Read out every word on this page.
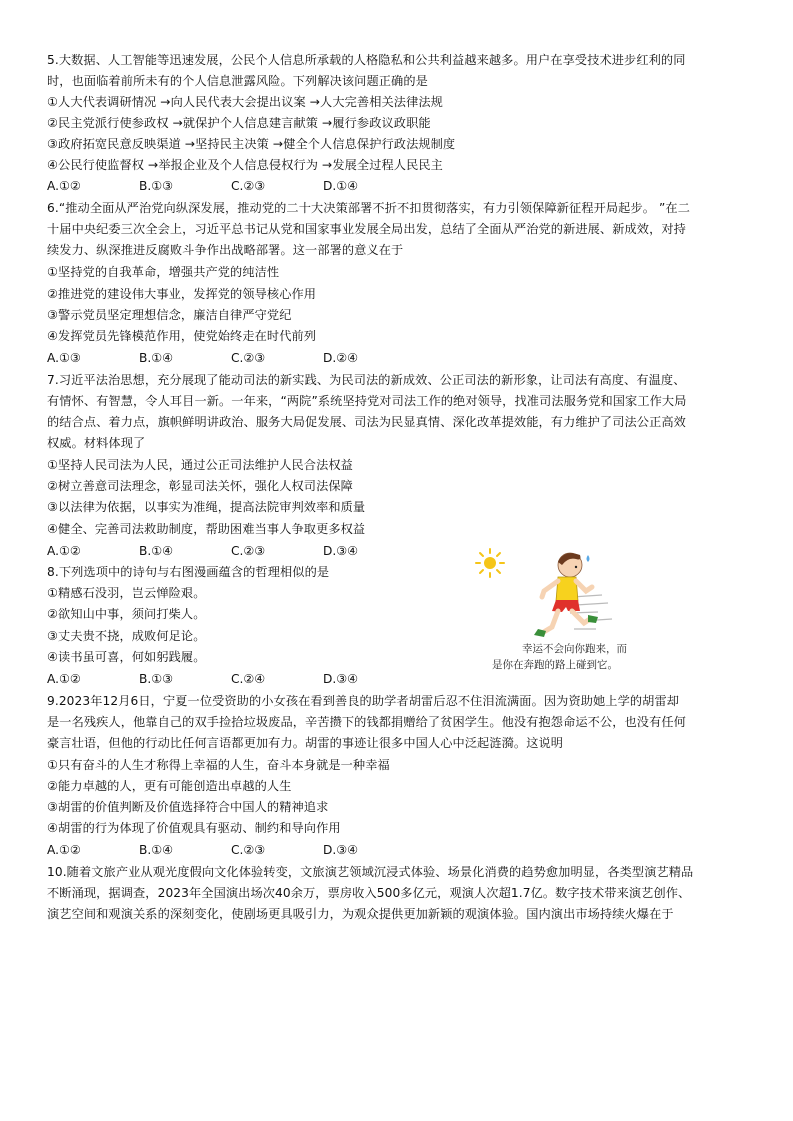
5.大数据、人工智能等迅速发展，公民个人信息所承载的人格隐私和公共利益越来越多。用户在享受技术进步红利的同
时，也面临着前所未有的个人信息泄露风险。下列解决该问题正确的是
①人大代表调研情况 →向人民代表大会提出议案 →人大完善相关法律法规
②民主党派行使参政权 →就保护个人信息建言献策 →履行参政议政职能
③政府拓宽民意反映渠道 →坚持民主决策 →健全个人信息保护行政法规制度
④公民行使监督权 →举报企业及个人信息侵权行为 →发展全过程人民民主
A.①②	B.①③	C.②③	D.①④
6.“推动全面从严治党向纵深发展，推动党的二十大决策部署不折不扣贯彻落实，有力引领保障新征程开局起步。 ”在二
十届中央纪委三次全会上，习近平总书记从党和国家事业发展全局出发，总结了全面从严治党的新进展、新成效，对持
续发力、纵深推进反腐败斗争作出战略部署。这一部署的意义在于
①坚持党的自我革命，增强共产党的纯洁性
②推进党的建设伟大事业，发挥党的领导核心作用
③警示党员坚定理想信念，廉洁自律严守党纪
④发挥党员先锋模范作用，使党始终走在时代前列
A.①③	B.①④	C.②③	D.②④
7.习近平法治思想，充分展现了能动司法的新实践、为民司法的新成效、公正司法的新形象，让司法有高度、有温度、
有情怀、有智慧，令人耳目一新。一年来，“两院”系统坚持党对司法工作的绝对领导，找准司法服务党和国家工作大局
的结合点、着力点，旗帜鲜明讲政治、服务大局促发展、司法为民显真情、深化改革提效能，有力维护了司法公正高效
权威。材料体现了
①坚持人民司法为人民，通过公正司法维护人民合法权益
②树立善意司法理念，彰显司法关怀，强化人权司法保障
③以法律为依据，以事实为准绳，提高法院审判效率和质量
④健全、完善司法救助制度，帮助困难当事人争取更多权益
A.①②	B.①④	C.②③	D.③④
8.下列选项中的诗句与右图漫画蕴含的哲理相似的是
①精感石没羽，岂云惮险艰。
②欲知山中事，须问打柴人。
③丈夫贵不挠，成败何足论。
④读书虽可喜，何如躬践履。
A.①②	B.①③	C.②④	D.③④
幸运不会向你跑来，而
是你在奔跑的路上碰到它。
9.2023年12月6日，宁夏一位受资助的小女孩在看到善良的助学者胡雷后忍不住泪流满面。因为资助她上学的胡雷却
是一名残疾人，他靠自己的双手捡拾垃圾废品，辛苦攒下的钱都捐赠给了贫困学生。他没有抱怨命运不公，也没有任何
豪言壮语，但他的行动比任何言语都更加有力。胡雷的事迹让很多中国人心中泛起涟漪。这说明
①只有奋斗的人生才称得上幸福的人生，奋斗本身就是一种幸福
②能力卓越的人，更有可能创造出卓越的人生
③胡雷的价值判断及价值选择符合中国人的精神追求
④胡雷的行为体现了价值观具有驱动、制约和导向作用
A.①②	B.①④	C.②③	D.③④
10.随着文旅产业从观光度假向文化体验转变，文旅演艺领域沉浸式体验、场景化消费的趋势愈加明显，各类型演艺精品
不断涌现，据调查，2023年全国演出场次40余万，票房收入500多亿元，观演人次超1.7亿。数字技术带来演艺创作、
演艺空间和观演关系的深刻变化，使剧场更具吸引力，为观众提供更加新颖的观演体验。国内演出市场持续火爆在于
